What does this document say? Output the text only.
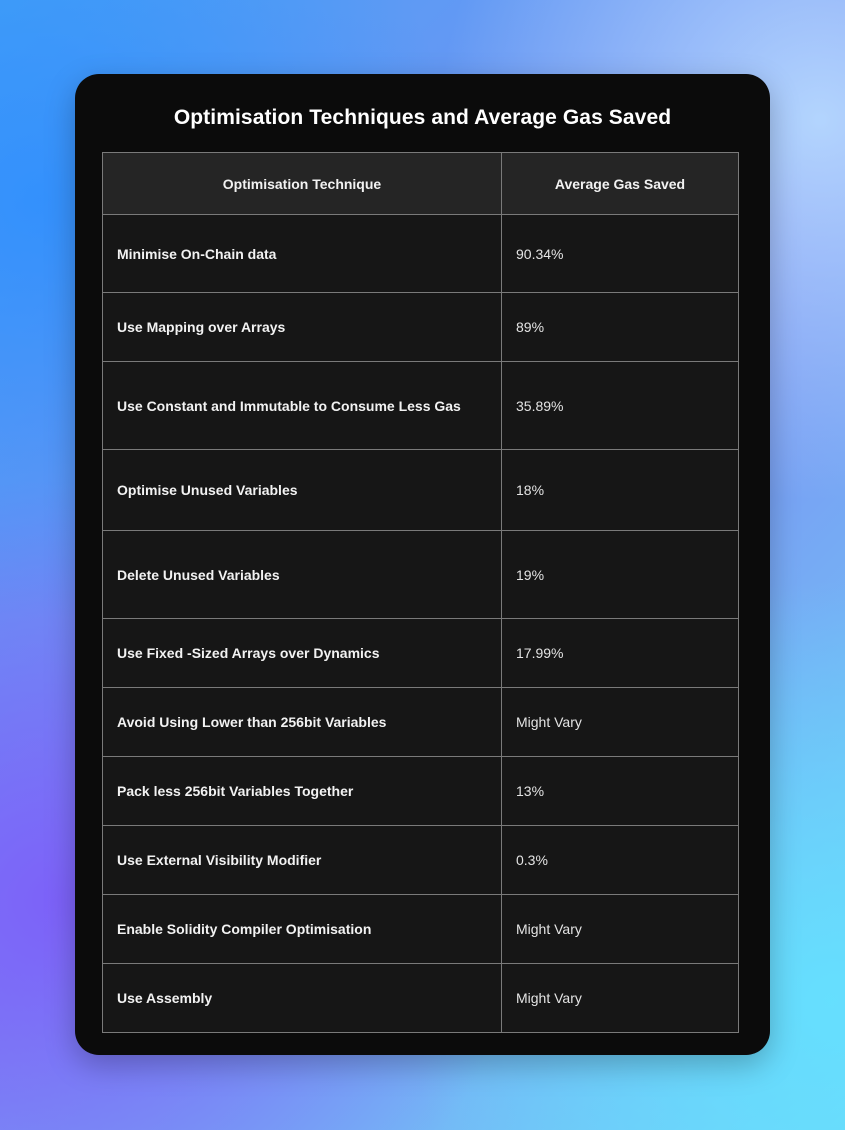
Optimisation Techniques and Average Gas Saved
Optimisation Technique	Average Gas Saved
Minimise On-Chain data	90.34%
Use Mapping over Arrays	89%
Use Constant and Immutable to Consume Less Gas	35.89%
Optimise Unused Variables	18%
Delete Unused Variables	19%
Use Fixed -Sized Arrays over Dynamics	17.99%
Avoid Using Lower than 256bit Variables	Might Vary
Pack less 256bit Variables Together	13%
Use External Visibility Modifier	0.3%
Enable Solidity Compiler Optimisation	Might Vary
Use Assembly	Might Vary
